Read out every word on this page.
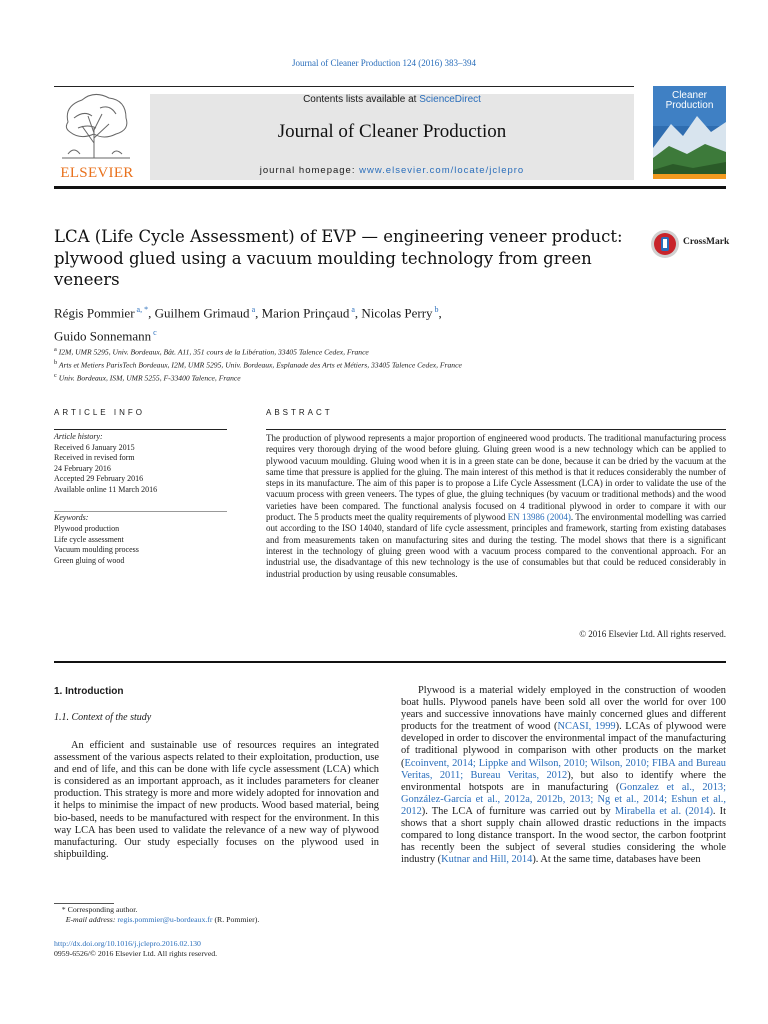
Journal of Cleaner Production 124 (2016) 383–394
ELSEVIER
Contents lists available at ScienceDirect
Journal of Cleaner Production
journal homepage: www.elsevier.com/locate/jclepro
Cleaner
Production
LCA (Life Cycle Assessment) of EVP — engineering veneer product: plywood glued using a vacuum moulding technology from green veneers
CrossMark
Régis Pommier $^{a, *}$, Guilhem Grimaud $^a$, Marion Prinçaud $^a$, Nicolas Perry $^b$,
Guido Sonnemann $^c$
$^a$ I2M, UMR 5295, Univ. Bordeaux, Bât. A11, 351 cours de la Libération, 33405 Talence Cedex, France
$^b$ Arts et Metiers ParisTech Bordeaux, I2M, UMR 5295, Univ. Bordeaux, Esplanade des Arts et Métiers, 33405 Talence Cedex, France
$^c$ Univ. Bordeaux, ISM, UMR 5255, F-33400 Talence, France
ARTICLE INFO	ABSTRACT
Article history:
Received 6 January 2015
Received in revised form
24 February 2016
Accepted 29 February 2016
Available online 11 March 2016
Keywords:
Plywood production
Life cycle assessment
Vacuum moulding process
Green gluing of wood
The production of plywood represents a major proportion of engineered wood products. The traditional manufacturing process requires very thorough drying of the wood before gluing. Gluing green wood is a new technology which can be applied to plywood vacuum moulding. Gluing wood when it is in a green state can be done, because it can be dried by the vacuum at the same time that pressure is applied for the gluing. The main interest of this method is that it reduces considerably the number of steps in its manufacture. The aim of this paper is to propose a Life Cycle Assessment (LCA) in order to validate the use of the vacuum process with green veneers. The types of glue, the gluing techniques (by vacuum or traditional methods) and the wood varieties have been compared. The functional analysis focused on 4 traditional plywood in order to compare it with our product. The 5 products meet the quality requirements of plywood EN 13986 (2004). The environmental modelling was carried out according to the ISO 14040, standard of life cycle assessment, principles and framework, starting from existing databases and from measurements taken on manufacturing sites and during the testing. The model shows that there is a significant interest in the technology of gluing green wood with a vacuum process compared to the conventional approach. For an industrial use, the disadvantage of this new technology is the use of consumables but that could be reduced considerably in industrial production by using reusable consumables.
© 2016 Elsevier Ltd. All rights reserved.
1. Introduction
1.1. Context of the study

An efficient and sustainable use of resources requires an integrated assessment of the various aspects related to their exploitation, production, use and end of life, and this can be done with life cycle assessment (LCA) which is considered as an important approach, as it includes parameters for cleaner production. This strategy is more and more widely adopted for innovation and it helps to minimise the impact of new products. Wood based material, being bio-based, needs to be manufactured with respect for the environment. In this way LCA has been used to validate the relevance of a new way of plywood manufacturing. Our study especially focuses on the plywood used in shipbuilding.

Plywood is a material widely employed in the construction of wooden boat hulls. Plywood panels have been sold all over the world for over 100 years and successive innovations have mainly concerned glues and different products for the treatment of wood (NCASI, 1999). LCAs of plywood were developed in order to discover the environmental impact of the manufacturing of traditional plywood in comparison with other products on the market (Ecoinvent, 2014; Lippke and Wilson, 2010; Wilson, 2010; FIBA and Bureau Veritas, 2011; Bureau Veritas, 2012), but also to identify where the environmental hotspots are in manufacturing (Gonzalez et al., 2013; González-García et al., 2012a, 2012b, 2013; Ng et al., 2014; Eshun et al., 2012). The LCA of furniture was carried out by Mirabella et al. (2014). It shows that a short supply chain allowed drastic reductions in the impacts compared to long distance transport. In the wood sector, the carbon footprint has recently been the subject of several studies considering the whole industry (Kutnar and Hill, 2014). At the same time, databases have been

* Corresponding author.
E-mail address: regis.pommier@u-bordeaux.fr (R. Pommier).
http://dx.doi.org/10.1016/j.jclepro.2016.02.130
0959-6526/© 2016 Elsevier Ltd. All rights reserved.
